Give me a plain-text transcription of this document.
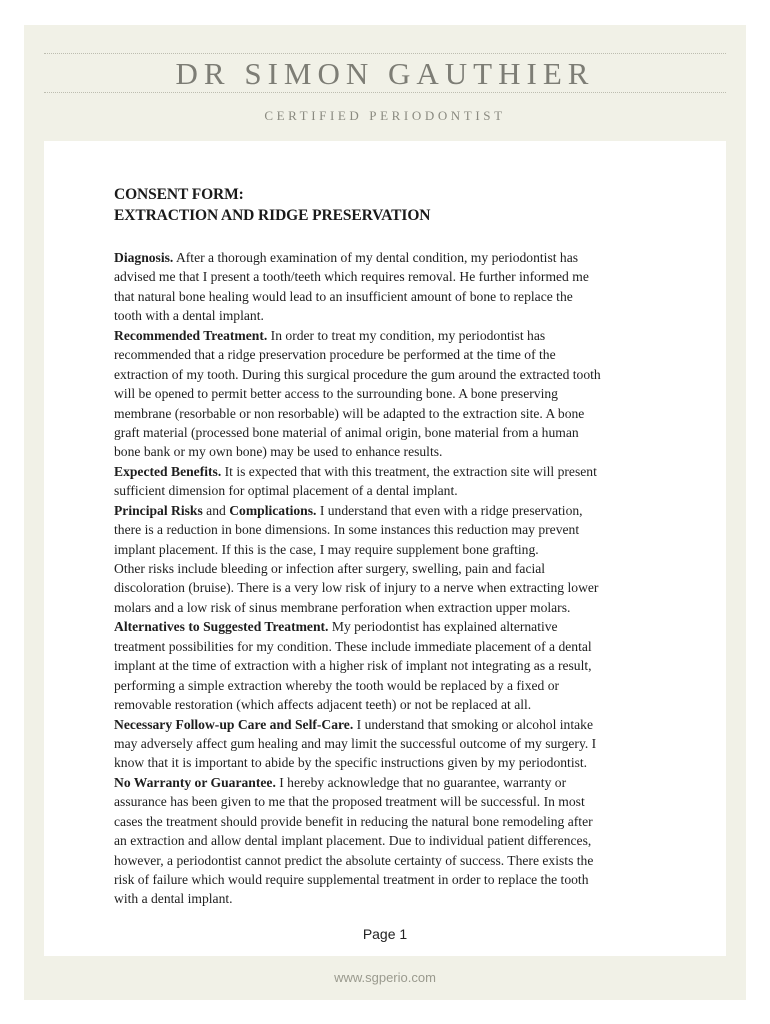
DR SIMON GAUTHIER
CERTIFIED PERIODONTIST
CONSENT FORM:
EXTRACTION AND RIDGE PRESERVATION
Diagnosis. After a thorough examination of my dental condition, my periodontist has
advised me that I present a tooth/teeth which requires removal. He further informed me
that natural bone healing would lead to an insufficient amount of bone to replace the
tooth with a dental implant.
Recommended Treatment. In order to treat my condition, my periodontist has
recommended that a ridge preservation procedure be performed at the time of the
extraction of my tooth. During this surgical procedure the gum around the extracted tooth
will be opened to permit better access to the surrounding bone. A bone preserving
membrane (resorbable or non resorbable) will be adapted to the extraction site. A bone
graft material (processed bone material of animal origin, bone material from a human
bone bank or my own bone) may be used to enhance results.
Expected Benefits. It is expected that with this treatment, the extraction site will present
sufficient dimension for optimal placement of a dental implant.
Principal Risks and Complications. I understand that even with a ridge preservation,
there is a reduction in bone dimensions. In some instances this reduction may prevent
implant placement. If this is the case, I may require supplement bone grafting.
Other risks include bleeding or infection after surgery, swelling, pain and facial
discoloration (bruise). There is a very low risk of injury to a nerve when extracting lower
molars and a low risk of sinus membrane perforation when extraction upper molars.
Alternatives to Suggested Treatment. My periodontist has explained alternative
treatment possibilities for my condition. These include immediate placement of a dental
implant at the time of extraction with a higher risk of implant not integrating as a result,
performing a simple extraction whereby the tooth would be replaced by a fixed or
removable restoration (which affects adjacent teeth) or not be replaced at all.
Necessary Follow-up Care and Self-Care. I understand that smoking or alcohol intake
may adversely affect gum healing and may limit the successful outcome of my surgery. I
know that it is important to abide by the specific instructions given by my periodontist.
No Warranty or Guarantee. I hereby acknowledge that no guarantee, warranty or
assurance has been given to me that the proposed treatment will be successful. In most
cases the treatment should provide benefit in reducing the natural bone remodeling after
an extraction and allow dental implant placement. Due to individual patient differences,
however, a periodontist cannot predict the absolute certainty of success. There exists the
risk of failure which would require supplemental treatment in order to replace the tooth
with a dental implant.
Page 1
www.sgperio.com
